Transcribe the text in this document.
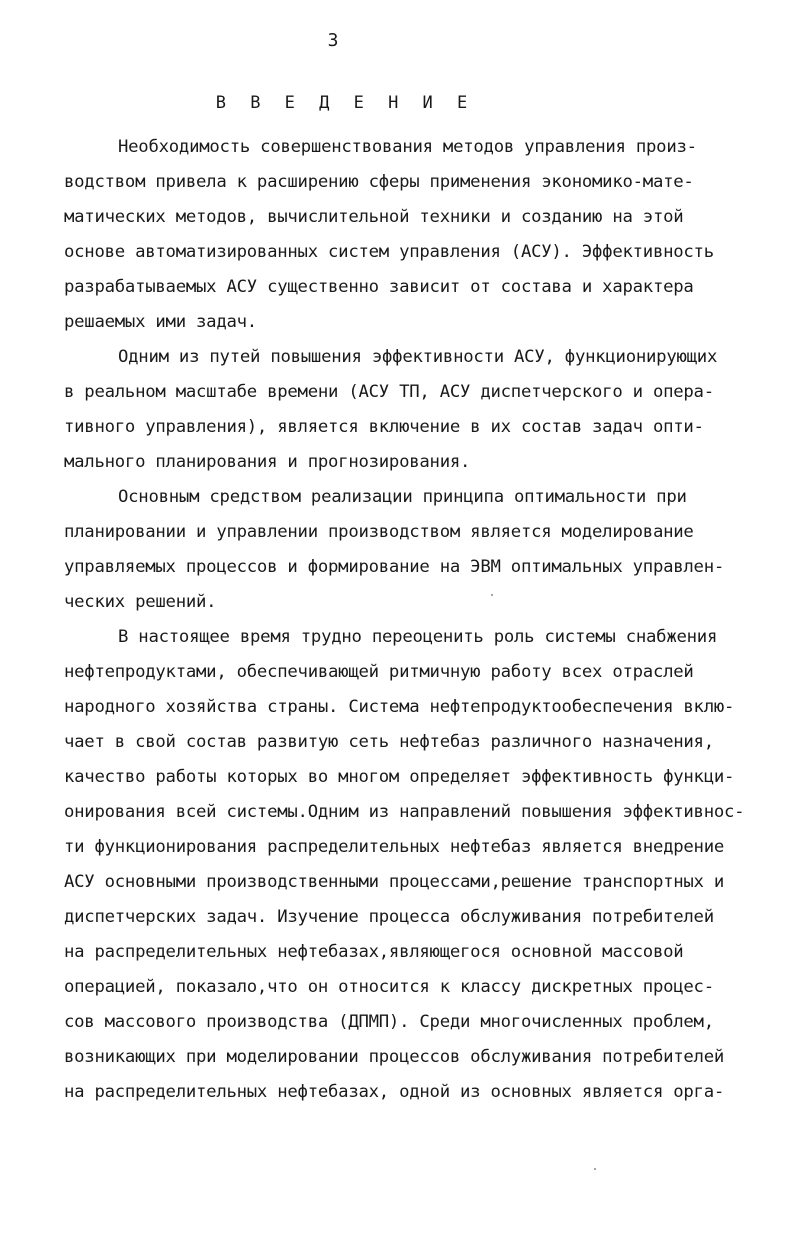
3
В В Е Д Е Н И Е
Необходимость совершенствования методов управления произ-
водством привела к расширению сферы применения экономико-мате-
матических методов, вычислительной техники и созданию на этой
основе автоматизированных систем управления (АСУ). Эффективность
разрабатываемых АСУ существенно зависит от состава и характера
решаемых ими задач.
Одним из путей повышения эффективности АСУ, функционирующих
в реальном масштабе времени (АСУ ТП, АСУ диспетчерского и опера-
тивного управления), является включение в их состав задач опти-
мального планирования и прогнозирования.
Основным средством реализации принципа оптимальности при
планировании и управлении производством является моделирование
управляемых процессов и формирование на ЭВМ оптимальных управлен-
ческих решений.
В настоящее время трудно переоценить роль системы снабжения
нефтепродуктами, обеспечивающей ритмичную работу всех отраслей
народного хозяйства страны. Система нефтепродуктообеспечения вклю-
чает в свой состав развитую сеть нефтебаз различного назначения,
качество работы которых во многом определяет эффективность функци-
онирования всей системы.Одним из направлений повышения эффективнос-
ти функционирования распределительных нефтебаз является внедрение
АСУ основными производственными процессами,решение транспортных и
диспетчерских задач. Изучение процесса обслуживания потребителей
на распределительных нефтебазах,являющегося основной массовой
операцией, показало,что он относится к классу дискретных процес-
сов массового производства (ДПМП). Среди многочисленных проблем,
возникающих при моделировании процессов обслуживания потребителей
на распределительных нефтебазах, одной из основных является орга-
